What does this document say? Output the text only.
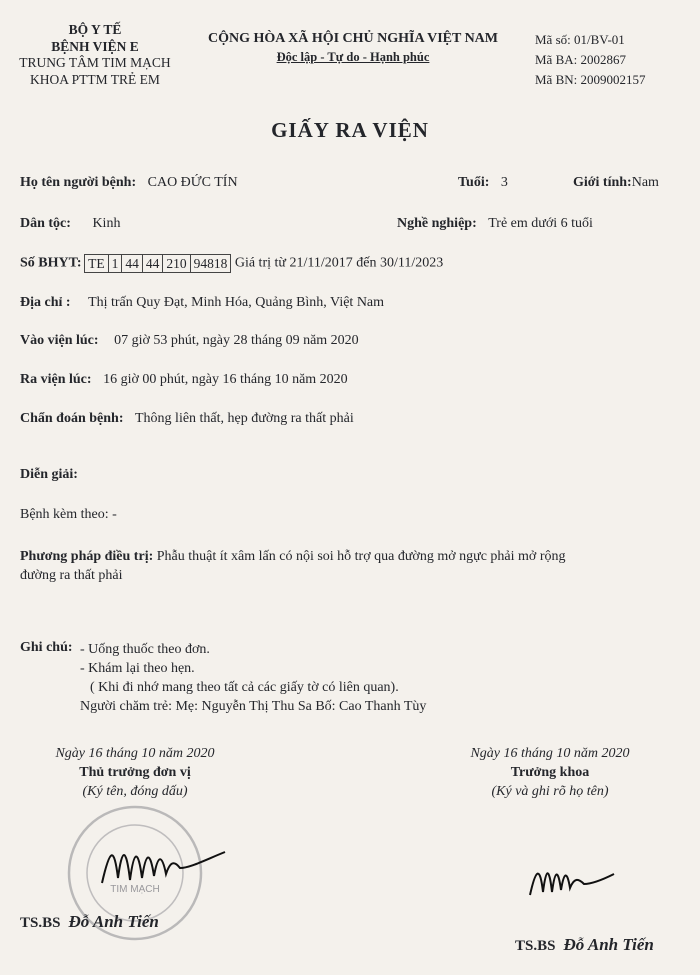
BỘ Y TẾ
BỆNH VIỆN E
TRUNG TÂM TIM MẠCH
KHOA PTTM TRẺ EM
CỘNG HÒA XÃ HỘI CHỦ NGHĨA VIỆT NAM
Độc lập - Tự do - Hạnh phúc
Mã số: 01/BV-01
Mã BA: 2002867
Mã BN: 2009002157
GIẤY RA VIỆN
Họ tên người bệnh: CAO ĐỨC TÍN	Tuổi: 3	Giới tính:Nam
Dân tộc: Kinh	Nghề nghiệp: Trẻ em dưới 6 tuổi
Số BHYT: TE 1 44 44 210 94818 Giá trị từ 21/11/2017 đến 30/11/2023
Địa chỉ : Thị trấn Quy Đạt, Minh Hóa, Quảng Bình, Việt Nam
Vào viện lúc: 07 giờ 53 phút, ngày 28 tháng 09 năm 2020
Ra viện lúc: 16 giờ 00 phút, ngày 16 tháng 10 năm 2020
Chẩn đoán bệnh: Thông liên thất, hẹp đường ra thất phải
Diễn giải:
Bệnh kèm theo: -
Phương pháp điều trị: Phẫu thuật ít xâm lấn có nội soi hỗ trợ qua đường mở ngực phải mở rộng
đường ra thất phải
Ghi chú: - Uống thuốc theo đơn.
- Khám lại theo hẹn.
( Khi đi nhớ mang theo tất cả các giấy tờ có liên quan).
Người chăm trẻ: Mẹ: Nguyễn Thị Thu Sa Bố: Cao Thanh Tùy
Ngày 16 tháng 10 năm 2020
Thủ trưởng đơn vị
(Ký tên, đóng dấu)
TIM MẠCH
TS.BS Đỗ Anh Tiến
Ngày 16 tháng 10 năm 2020
Trưởng khoa
(Ký và ghi rõ họ tên)
TS.BS Đỗ Anh Tiến
